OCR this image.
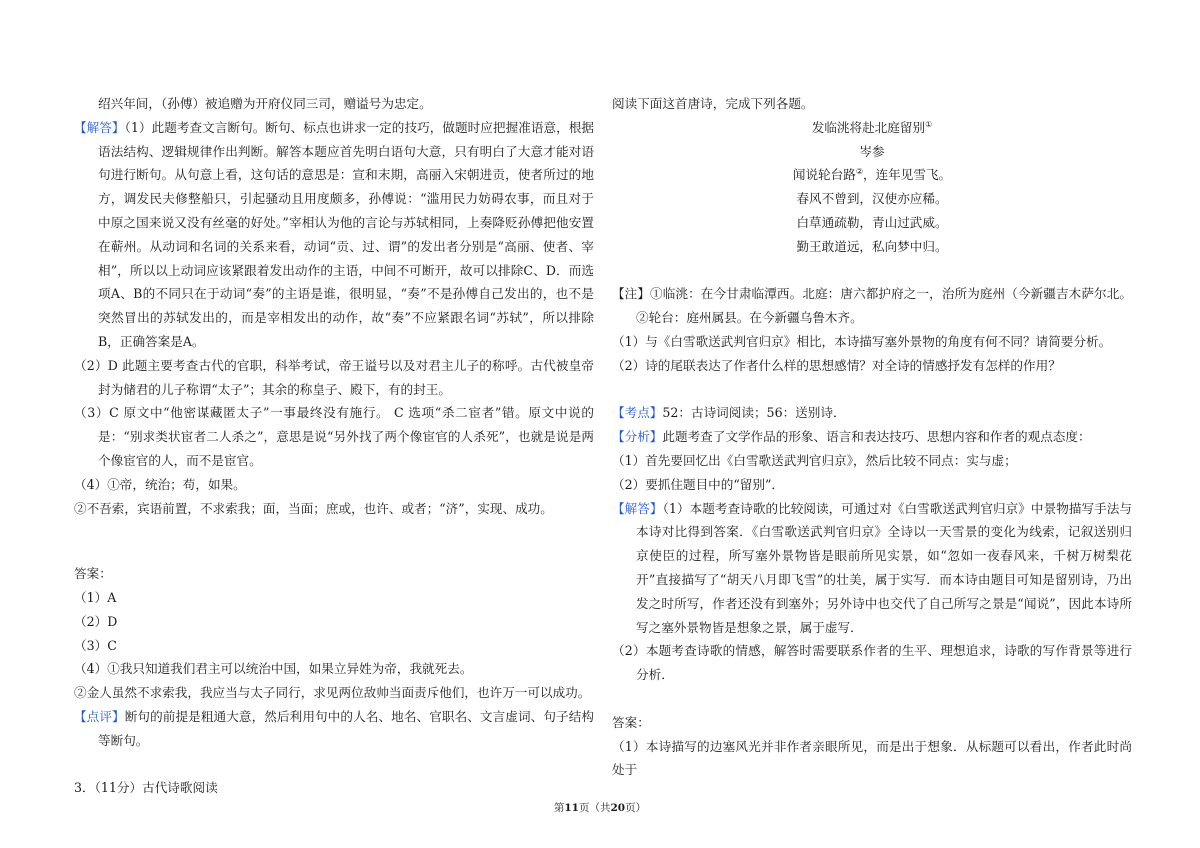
绍兴年间，（孙傅）被追赠为开府仪同三司，赠谥号为忠定。

【解答】（1）此题考查文言断句。断句、标点也讲求一定的技巧，做题时应把握准语意，根据语法结构、逻辑规律作出判断。解答本题应首先明白语句大意，只有明白了大意才能对语句进行断句。从句意上看，这句话的意思是：宣和末期，高丽入宋朝进贡，使者所过的地方，调发民夫修整船只，引起骚动且用度颇多，孙傅说：“滥用民力妨碍农事，而且对于中原之国来说又没有丝毫的好处。”宰相认为他的言论与苏轼相同，上奏降贬孙傅把他安置在蕲州。从动词和名词的关系来看，动词“贡、过、谓”的发出者分别是“高丽、使者、宰相”，所以以上动词应该紧跟着发出动作的主语，中间不可断开，故可以排除C、D．而选项A、B的不同只在于动词“奏”的主语是谁，很明显，“奏”不是孙傅自己发出的，也不是突然冒出的苏轼发出的，而是宰相发出的动作，故“奏”不应紧跟名词“苏轼”，所以排除B，正确答案是A。

（2）D 此题主要考查古代的官职，科举考试，帝王谥号以及对君主儿子的称呼。古代被皇帝封为储君的儿子称谓“太子”；其余的称皇子、殿下，有的封王。

（3）C 原文中“他密谋藏匿太子”一事最终没有施行。 C 选项“杀二宦者”错。原文中说的是：“别求类状宦者二人杀之”，意思是说“另外找了两个像宦官的人杀死”，也就是说是两个像宦官的人，而不是宦官。

（4）①帝，统治；苟，如果。

②不吾索，宾语前置，不求索我；面，当面；庶或，也许、或者；“济”，实现、成功。

答案：

（1）A

（2）D

（3）C

（4）①我只知道我们君主可以统治中国，如果立异姓为帝，我就死去。

②金人虽然不求索我，我应当与太子同行，求见两位敌帅当面责斥他们，也许万一可以成功。

【点评】断句的前提是粗通大意，然后利用句中的人名、地名、官职名、文言虚词、句子结构等断句。

3．（11分）古代诗歌阅读

阅读下面这首唐诗，完成下列各题。

发临洮将赴北庭留别①

岑参

闻说轮台路②，连年见雪飞。

春风不曾到，汉使亦应稀。

白草通疏勒，青山过武威。

勤王敢道远，私向梦中归。

【注】①临洮：在今甘肃临潭西。北庭：唐六都护府之一，治所为庭州（今新疆吉木萨尔北。②轮台：庭州属县。在今新疆乌鲁木齐。

（1）与《白雪歌送武判官归京》相比，本诗描写塞外景物的角度有何不同？请简要分析。

（2）诗的尾联表达了作者什么样的思想感情？对全诗的情感抒发有怎样的作用？

【考点】52：古诗词阅读；56：送别诗．

【分析】此题考查了文学作品的形象、语言和表达技巧、思想内容和作者的观点态度：

（1）首先要回忆出《白雪歌送武判官归京》，然后比较不同点：实与虚；

（2）要抓住题目中的“留别”．

【解答】（1）本题考查诗歌的比较阅读，可通过对《白雪歌送武判官归京》中景物描写手法与本诗对比得到答案．《白雪歌送武判官归京》全诗以一天雪景的变化为线索，记叙送别归京使臣的过程，所写塞外景物皆是眼前所见实景，如“忽如一夜春风来，千树万树梨花开”直接描写了“胡天八月即飞雪”的壮美，属于实写．而本诗由题目可知是留别诗，乃出发之时所写，作者还没有到塞外；另外诗中也交代了自己所写之景是“闻说”，因此本诗所写之塞外景物皆是想象之景，属于虚写．

（2）本题考查诗歌的情感，解答时需要联系作者的生平、理想追求，诗歌的写作背景等进行分析．

答案：

（1）本诗描写的边塞风光并非作者亲眼所见，而是出于想象．从标题可以看出，作者此时尚处于

第11页（共20页）
